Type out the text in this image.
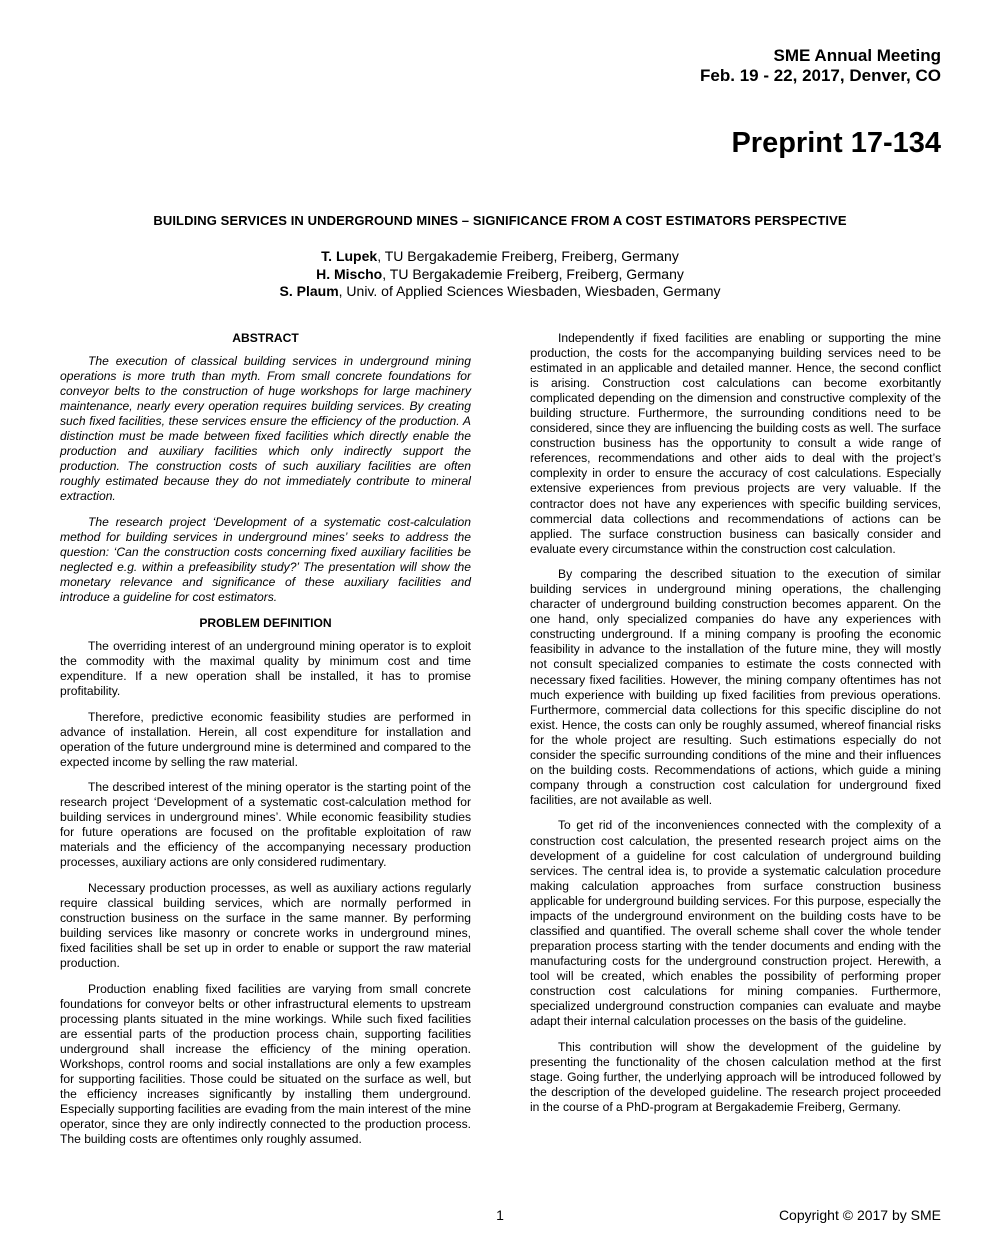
SME Annual Meeting
Feb. 19 - 22, 2017, Denver, CO
Preprint 17-134
BUILDING SERVICES IN UNDERGROUND MINES – SIGNIFICANCE FROM A COST ESTIMATORS PERSPECTIVE
T. Lupek, TU Bergakademie Freiberg, Freiberg, Germany
H. Mischo, TU Bergakademie Freiberg, Freiberg, Germany
S. Plaum, Univ. of Applied Sciences Wiesbaden, Wiesbaden, Germany
ABSTRACT

The execution of classical building services in underground mining operations is more truth than myth. From small concrete foundations for conveyor belts to the construction of huge workshops for large machinery maintenance, nearly every operation requires building services. By creating such fixed facilities, these services ensure the efficiency of the production. A distinction must be made between fixed facilities which directly enable the production and auxiliary facilities which only indirectly support the production. The construction costs of such auxiliary facilities are often roughly estimated because they do not immediately contribute to mineral extraction.

The research project ‘Development of a systematic cost-calculation method for building services in underground mines’ seeks to address the question: ‘Can the construction costs concerning fixed auxiliary facilities be neglected e.g. within a prefeasibility study?’ The presentation will show the monetary relevance and significance of these auxiliary facilities and introduce a guideline for cost estimators.

PROBLEM DEFINITION

The overriding interest of an underground mining operator is to exploit the commodity with the maximal quality by minimum cost and time expenditure. If a new operation shall be installed, it has to promise profitability.

Therefore, predictive economic feasibility studies are performed in advance of installation. Herein, all cost expenditure for installation and operation of the future underground mine is determined and compared to the expected income by selling the raw material.

The described interest of the mining operator is the starting point of the research project ‘Development of a systematic cost-calculation method for building services in underground mines’. While economic feasibility studies for future operations are focused on the profitable exploitation of raw materials and the efficiency of the accompanying necessary production processes, auxiliary actions are only considered rudimentary.

Necessary production processes, as well as auxiliary actions regularly require classical building services, which are normally performed in construction business on the surface in the same manner. By performing building services like masonry or concrete works in underground mines, fixed facilities shall be set up in order to enable or support the raw material production.

Production enabling fixed facilities are varying from small concrete foundations for conveyor belts or other infrastructural elements to upstream processing plants situated in the mine workings. While such fixed facilities are essential parts of the production process chain, supporting facilities underground shall increase the efficiency of the mining operation. Workshops, control rooms and social installations are only a few examples for supporting facilities. Those could be situated on the surface as well, but the efficiency increases significantly by installing them underground. Especially supporting facilities are evading from the main interest of the mine operator, since they are only indirectly connected to the production process. The building costs are oftentimes only roughly assumed.

Independently if fixed facilities are enabling or supporting the mine production, the costs for the accompanying building services need to be estimated in an applicable and detailed manner. Hence, the second conflict is arising. Construction cost calculations can become exorbitantly complicated depending on the dimension and constructive complexity of the building structure. Furthermore, the surrounding conditions need to be considered, since they are influencing the building costs as well. The surface construction business has the opportunity to consult a wide range of references, recommendations and other aids to deal with the project’s complexity in order to ensure the accuracy of cost calculations. Especially extensive experiences from previous projects are very valuable. If the contractor does not have any experiences with specific building services, commercial data collections and recommendations of actions can be applied. The surface construction business can basically consider and evaluate every circumstance within the construction cost calculation.

By comparing the described situation to the execution of similar building services in underground mining operations, the challenging character of underground building construction becomes apparent. On the one hand, only specialized companies do have any experiences with constructing underground. If a mining company is proofing the economic feasibility in advance to the installation of the future mine, they will mostly not consult specialized companies to estimate the costs connected with necessary fixed facilities. However, the mining company oftentimes has not much experience with building up fixed facilities from previous operations. Furthermore, commercial data collections for this specific discipline do not exist. Hence, the costs can only be roughly assumed, whereof financial risks for the whole project are resulting. Such estimations especially do not consider the specific surrounding conditions of the mine and their influences on the building costs. Recommendations of actions, which guide a mining company through a construction cost calculation for underground fixed facilities, are not available as well.

To get rid of the inconveniences connected with the complexity of a construction cost calculation, the presented research project aims on the development of a guideline for cost calculation of underground building services. The central idea is, to provide a systematic calculation procedure making calculation approaches from surface construction business applicable for underground building services. For this purpose, especially the impacts of the underground environment on the building costs have to be classified and quantified. The overall scheme shall cover the whole tender preparation process starting with the tender documents and ending with the manufacturing costs for the underground construction project. Herewith, a tool will be created, which enables the possibility of performing proper construction cost calculations for mining companies. Furthermore, specialized underground construction companies can evaluate and maybe adapt their internal calculation processes on the basis of the guideline.

This contribution will show the development of the guideline by presenting the functionality of the chosen calculation method at the first stage. Going further, the underlying approach will be introduced followed by the description of the developed guideline. The research project proceeded in the course of a PhD-program at Bergakademie Freiberg, Germany.

1	Copyright © 2017 by SME
